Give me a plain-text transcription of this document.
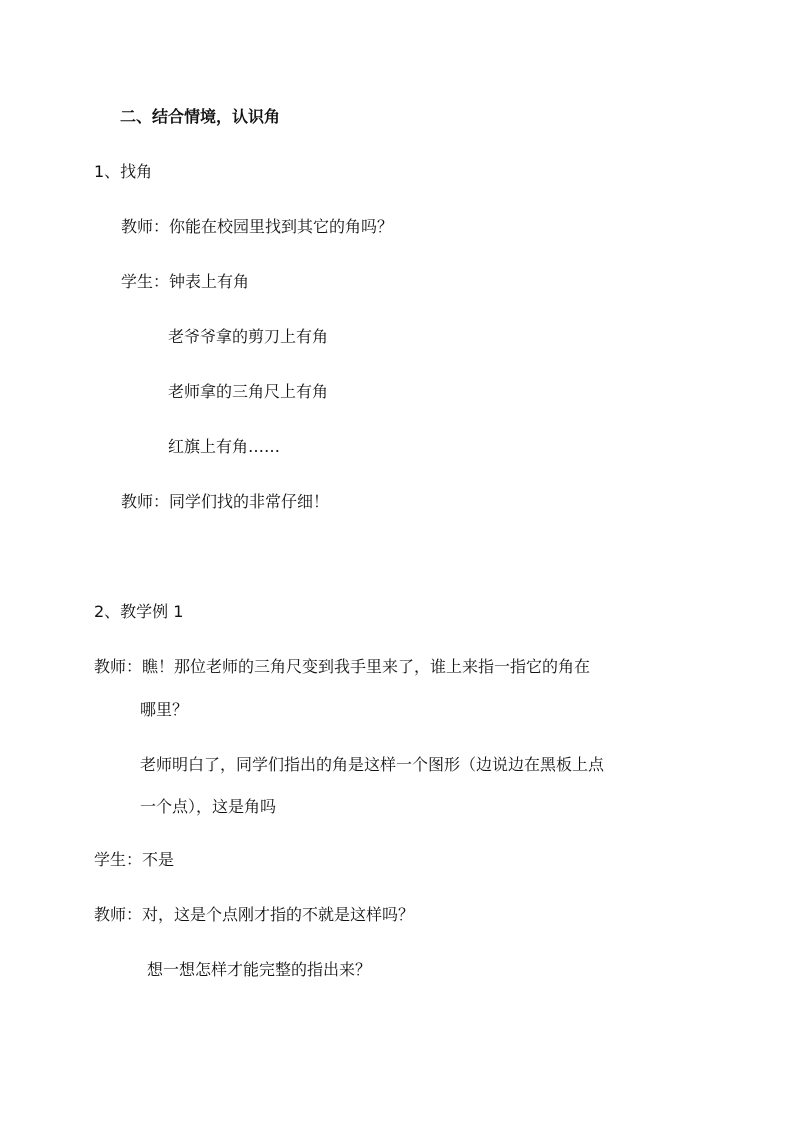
二、结合情境，认识角
1、找角
教师：你能在校园里找到其它的角吗？
学生：钟表上有角
老爷爷拿的剪刀上有角
老师拿的三角尺上有角
红旗上有角……
教师：同学们找的非常仔细！
2、教学例 1
教师：瞧！那位老师的三角尺变到我手里来了，谁上来指一指它的角在
哪里？
老师明白了，同学们指出的角是这样一个图形（边说边在黑板上点
一个点），这是角吗
学生：不是
教师：对，这是个点刚才指的不就是这样吗？
想一想怎样才能完整的指出来？
